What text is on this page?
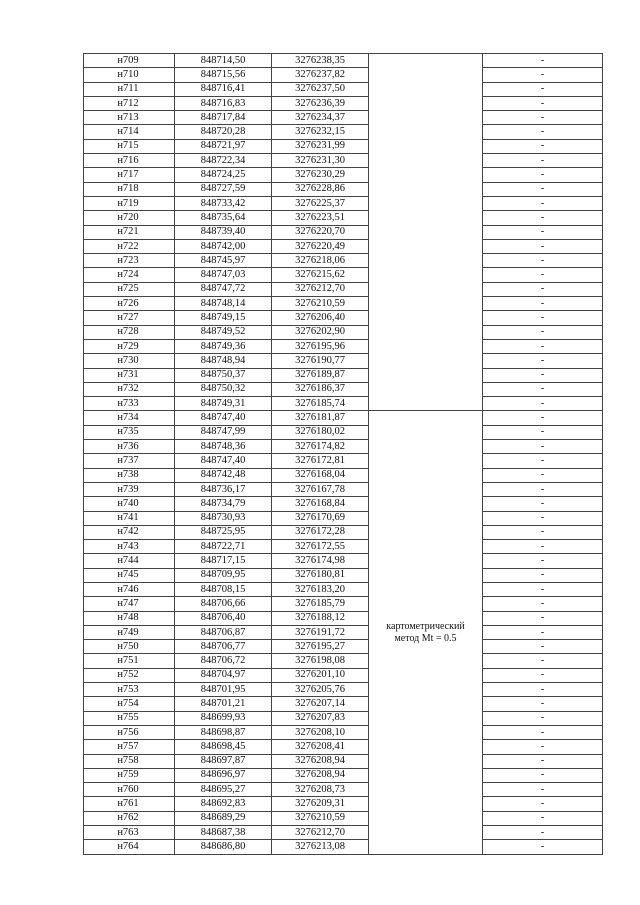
н709	848714,50	3276238,35		-
н710	848715,56	3276237,82		-
н711	848716,41	3276237,50		-
н712	848716,83	3276236,39		-
н713	848717,84	3276234,37		-
н714	848720,28	3276232,15		-
н715	848721,97	3276231,99		-
н716	848722,34	3276231,30		-
н717	848724,25	3276230,29		-
н718	848727,59	3276228,86		-
н719	848733,42	3276225,37		-
н720	848735,64	3276223,51		-
н721	848739,40	3276220,70		-
н722	848742,00	3276220,49		-
н723	848745,97	3276218,06		-
н724	848747,03	3276215,62		-
н725	848747,72	3276212,70		-
н726	848748,14	3276210,59		-
н727	848749,15	3276206,40		-
н728	848749,52	3276202,90		-
н729	848749,36	3276195,96		-
н730	848748,94	3276190,77		-
н731	848750,37	3276189,87		-
н732	848750,32	3276186,37		-
н733	848749,31	3276185,74		-
н734	848747,40	3276181,87	картометрический метод Mt = 0.5	-
н735	848747,99	3276180,02		-
н736	848748,36	3276174,82		-
н737	848747,40	3276172,81		-
н738	848742,48	3276168,04		-
н739	848736,17	3276167,78		-
н740	848734,79	3276168,84		-
н741	848730,93	3276170,69		-
н742	848725,95	3276172,28		-
н743	848722,71	3276172,55		-
н744	848717,15	3276174,98		-
н745	848709,95	3276180,81		-
н746	848708,15	3276183,20		-
н747	848706,66	3276185,79		-
н748	848706,40	3276188,12		-
н749	848706,87	3276191,72		-
н750	848706,77	3276195,27		-
н751	848706,72	3276198,08		-
н752	848704,97	3276201,10		-
н753	848701,95	3276205,76		-
н754	848701,21	3276207,14		-
н755	848699,93	3276207,83		-
н756	848698,87	3276208,10		-
н757	848698,45	3276208,41		-
н758	848697,87	3276208,94		-
н759	848696,97	3276208,94		-
н760	848695,27	3276208,73		-
н761	848692,83	3276209,31		-
н762	848689,29	3276210,59		-
н763	848687,38	3276212,70		-
н764	848686,80	3276213,08		-
